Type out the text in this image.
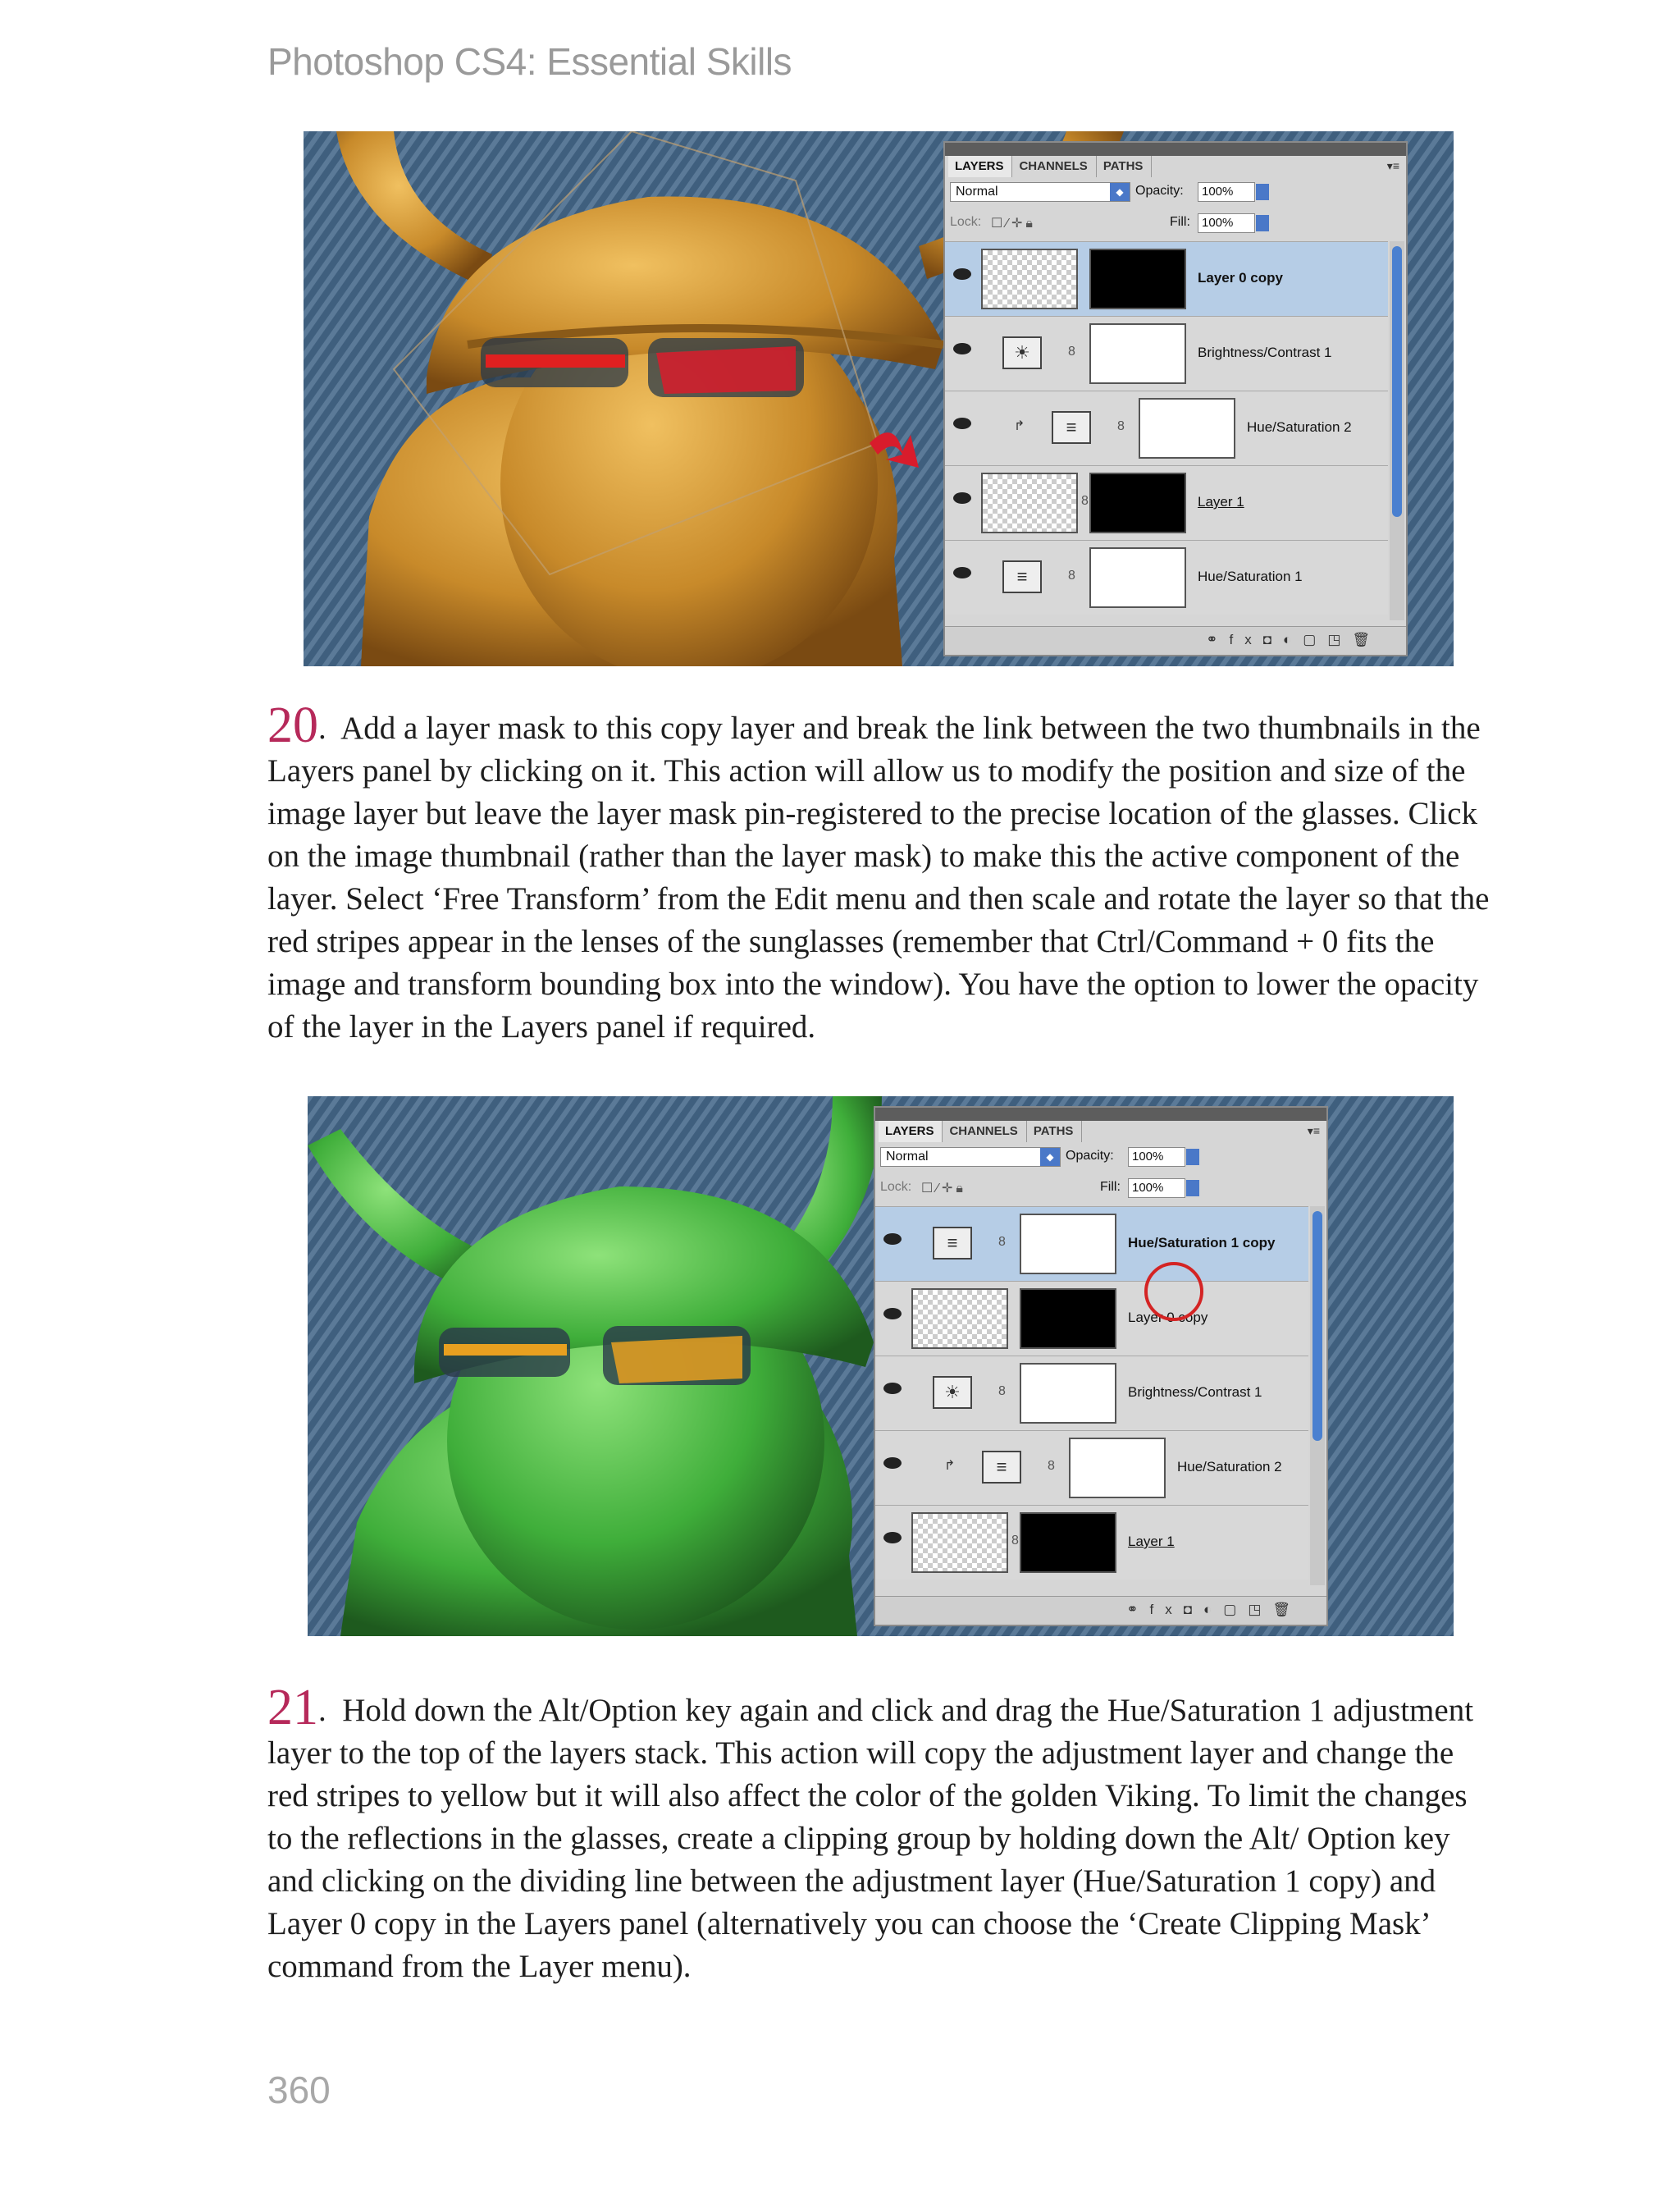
Photoshop CS4: Essential Skills
LAYERS	CHANNELS	PATHS	▾≡
Normal	◆ Opacity:	100%
Lock: ☐⁄✛🔒︎	Fill: 100%
Layer 0 copy
☀	8	Brightness/Contrast 1
↱	≡	8	Hue/Saturation 2
8	Layer 1
≡	8	Hue/Saturation 1
⚭fx◘◐▢◳🗑︎

20.  Add a layer mask to this copy layer and break the link between the two thumbnails in the Layers panel by clicking on it. This action will allow us to modify the position and size of the image layer but leave the layer mask pin-registered to the precise location of the glasses. Click on the image thumbnail (rather than the layer mask) to make this the active component of the layer. Select ‘Free Transform’ from the Edit menu and then scale and rotate the layer so that the red stripes appear in the lenses of the sunglasses (remember that Ctrl/Command + 0 fits the image and transform bounding box into the window). You have the option to lower the opacity of the layer in the Layers panel if required.

LAYERS	CHANNELS	PATHS	▾≡
Normal	◆ Opacity:	100%
Lock: ☐⁄✛🔒︎	Fill: 100%
≡	8	Hue/Saturation 1 copy
Layer 0 copy
☀	8	Brightness/Contrast 1
↱	≡	8	Hue/Saturation 2
8	Layer 1
⚭fx◘◐▢◳🗑︎

21.  Hold down the Alt/Option key again and click and drag the Hue/Saturation 1 adjustment layer to the top of the layers stack. This action will copy the adjustment layer and change the red stripes to yellow but it will also affect the color of the golden Viking. To limit the changes to the reflections in the glasses, create a clipping group by holding down the Alt/ Option key and clicking on the dividing line between the adjustment layer (Hue/Saturation 1 copy) and Layer 0 copy in the Layers panel (alternatively you can choose the ‘Create Clipping Mask’ command from the Layer menu).

360
